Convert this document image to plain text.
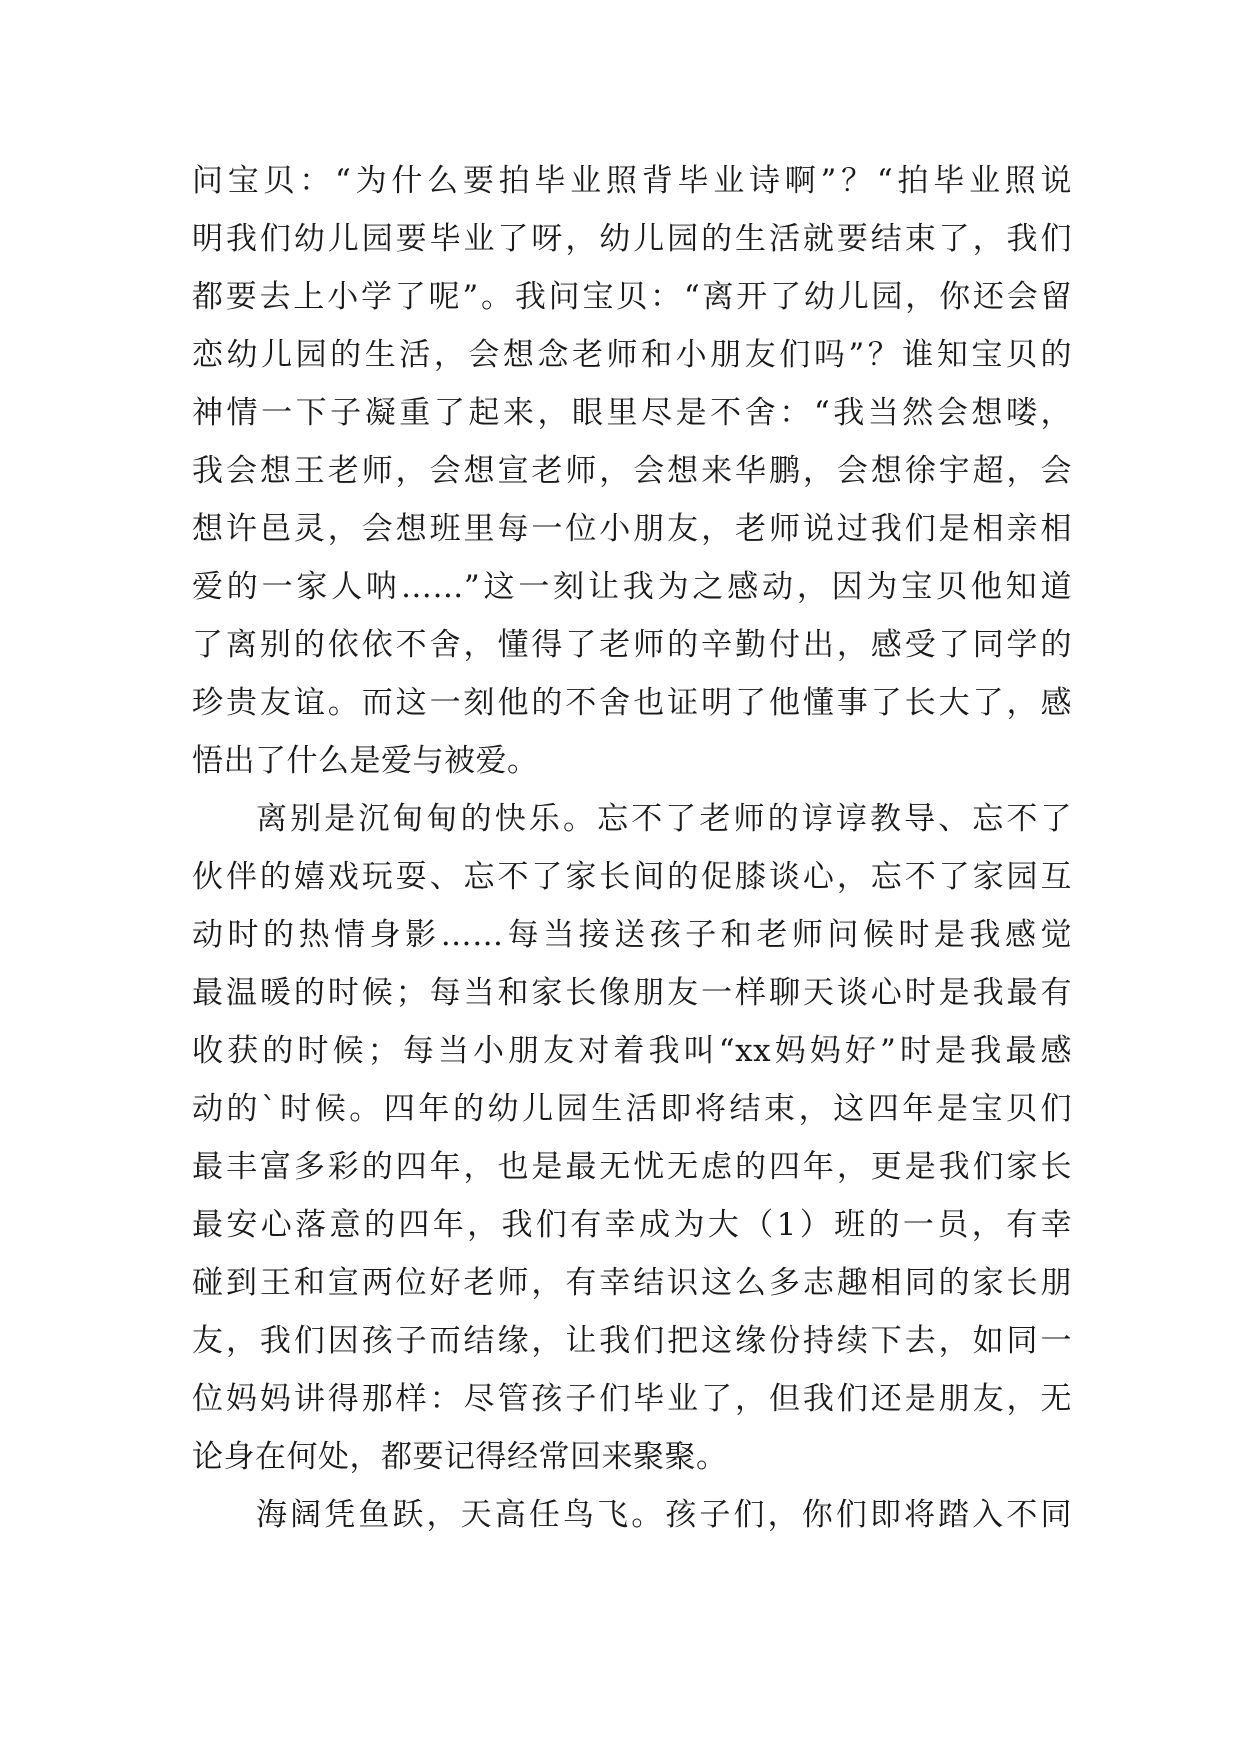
问宝贝：“为什么要拍毕业照背毕业诗啊”？“拍毕业照说
明我们幼儿园要毕业了呀，幼儿园的生活就要结束了，我们
都要去上小学了呢”。我问宝贝：“离开了幼儿园，你还会留
恋幼儿园的生活，会想念老师和小朋友们吗”？谁知宝贝的
神情一下子凝重了起来，眼里尽是不舍：“我当然会想喽，
我会想王老师，会想宣老师，会想来华鹏，会想徐宇超，会
想许邑灵，会想班里每一位小朋友，老师说过我们是相亲相
爱的一家人呐……”这一刻让我为之感动，因为宝贝他知道
了离别的依依不舍，懂得了老师的辛勤付出，感受了同学的
珍贵友谊。而这一刻他的不舍也证明了他懂事了长大了，感
悟出了什么是爱与被爱。
离别是沉甸甸的快乐。忘不了老师的谆谆教导、忘不了
伙伴的嬉戏玩耍、忘不了家长间的促膝谈心，忘不了家园互
动时的热情身影……每当接送孩子和老师问候时是我感觉
最温暖的时候；每当和家长像朋友一样聊天谈心时是我最有
收获的时候；每当小朋友对着我叫“xx妈妈好”时是我最感
动的`时候。四年的幼儿园生活即将结束，这四年是宝贝们
最丰富多彩的四年，也是最无忧无虑的四年，更是我们家长
最安心落意的四年，我们有幸成为大（1）班的一员，有幸
碰到王和宣两位好老师，有幸结识这么多志趣相同的家长朋
友，我们因孩子而结缘，让我们把这缘份持续下去，如同一
位妈妈讲得那样：尽管孩子们毕业了，但我们还是朋友，无
论身在何处，都要记得经常回来聚聚。
海阔凭鱼跃，天高任鸟飞。孩子们，你们即将踏入不同
